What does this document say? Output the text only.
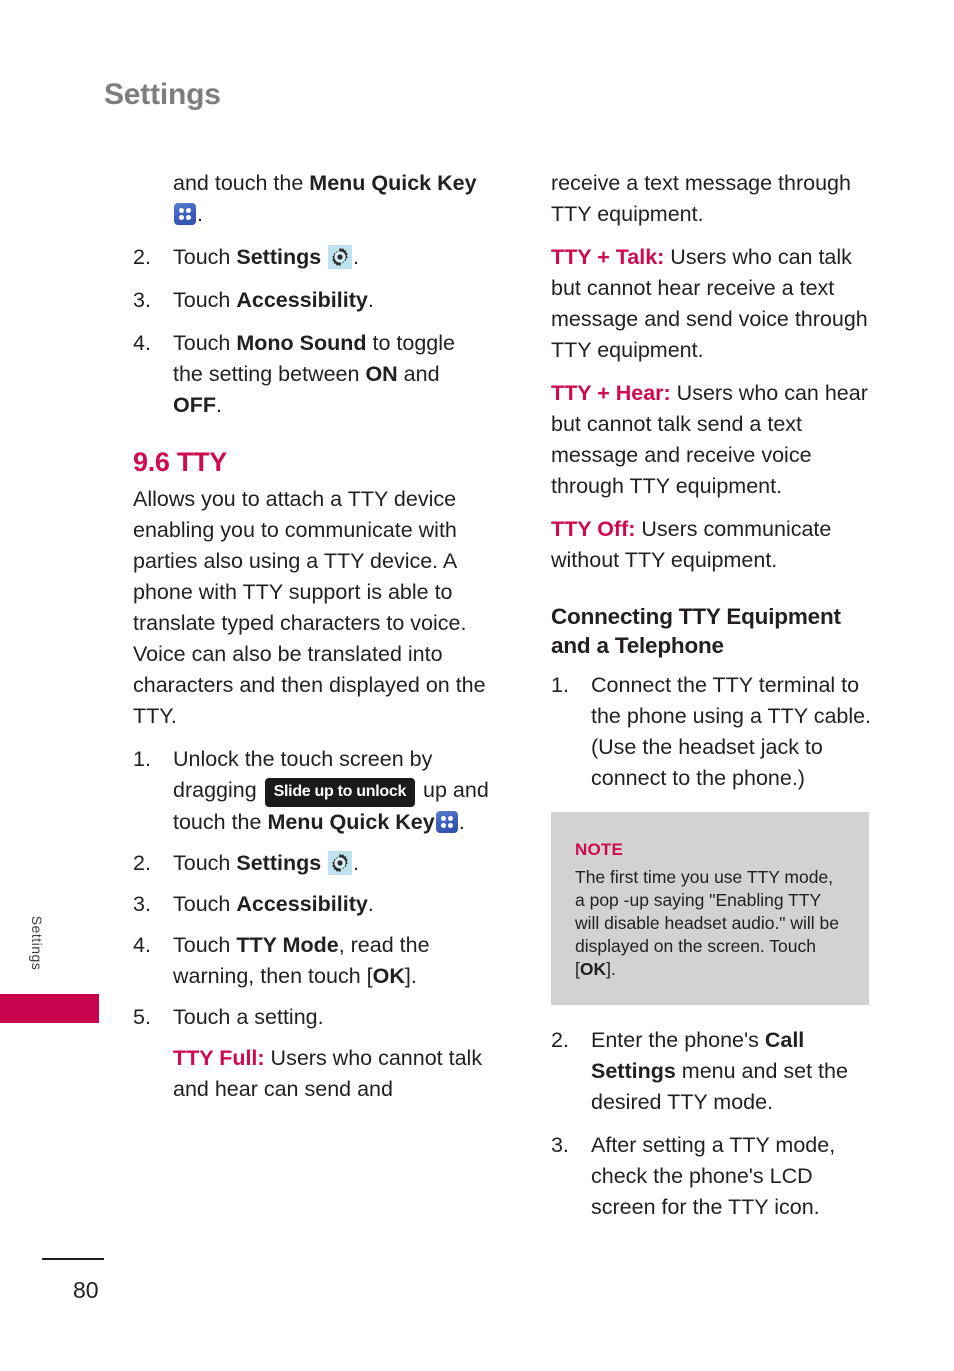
Settings
Settings
and touch the Menu Quick Key
.
2.	Touch Settings .
3.	Touch Accessibility.
4.	Touch Mono Sound to toggle the setting between ON and OFF.
9.6 TTY

Allows you to attach a TTY device enabling you to communicate with parties also using a TTY device. A phone with TTY support is able to translate typed characters to voice. Voice can also be translated into characters and then displayed on the TTY.

1.	Unlock the touch screen by dragging Slide up to unlock up and touch the Menu Quick Key .
2.	Touch Settings .
3.	Touch Accessibility.
4.	Touch TTY Mode, read the warning, then touch [OK].
5.	Touch a setting.
TTY Full: Users who cannot talk and hear can send and

receive a text message through TTY equipment.

TTY + Talk: Users who can talk but cannot hear receive a text message and send voice through TTY equipment.

TTY + Hear: Users who can hear but cannot talk send a text message and receive voice through TTY equipment.

TTY Off: Users communicate without TTY equipment.

Connecting TTY Equipment and a Telephone
1.	Connect the TTY terminal to the phone using a TTY cable. (Use the headset jack to connect to the phone.)
NOTE
The first time you use TTY mode,
a pop -up saying "Enabling TTY
will disable headset audio." will be
displayed on the screen. Touch [OK].
2.	Enter the phone's Call Settings menu and set the desired TTY mode.
3.	After setting a TTY mode, check the phone's LCD screen for the TTY icon.
80
